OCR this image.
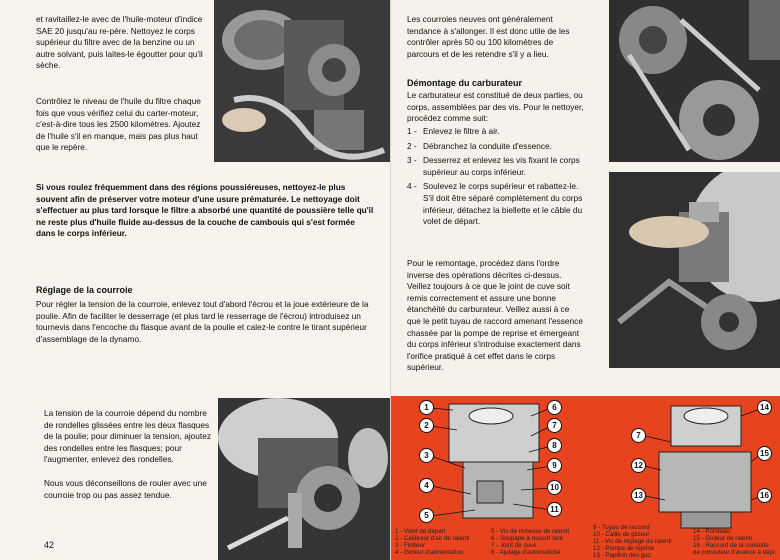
et ravitaillez-le avec de l'huile-moteur d'indice SAE 20 jusqu'au re-père. Nettoyez le corps supérieur du filtre avec de la benzine ou un autre solvant, puis laites-le égoutter pour qu'il sèche.
Contrôlez le niveau de l'huile du filtre chaque fois que vous vérifiez celui du carter-moteur, c'est-à-dire tous les 2500 kilomètres. Ajoutez de l'huile s'il en manque, mais pas plus haut que le repère.
Si vous roulez fréquemment dans des régions poussiéreuses, nettoyez-le plus souvent afin de préserver votre moteur d'une usure prématurée. Le nettoyage doit s'effectuer au plus tard lorsque le filtre a absorbé une quantité de poussière telle qu'il ne reste plus d'huile fluide au-dessus de la couche de cambouis qui s'est formée dans le corps inférieur.
Réglage de la courroie
Pour régler la tension de la courroie, enlevez tout d'abord l'écrou et la joue extérieure de la poulie. Afin de faciliter le desserrage (et plus tard le resserrage de l'écrou) introduisez un tournevis dans l'encoche du flasque avant de la poulie et calez-le contre le tirant supérieur d'assemblage de la dynamo.
La tension de la courroie dépend du nombre de rondelles glissées entre les deux flasques de la poulie; pour diminuer la tension, ajoutez des rondelles entre les flasques; pour l'augmenter, enlevez des rondelles.
Nous vous déconseillons de rouler avec une courroie trop ou pas assez tendue.
42
Les courroies neuves ont généralement tendance à s'allonger. Il est donc utile de les contrôler après 50 ou 100 kilomètres de parcours et de les retendre s'il y a lieu.
Démontage du carburateur
Le carburateur est constitué de deux parties, ou corps, assemblées par des vis. Pour le nettoyer, procédez comme suit:
1 - Enlevez le filtre à air.
2 - Débranchez la conduite d'essence.
3 - Desserrez et enlevez les vis fixant le corps supérieur au corps inférieur.
4 - Soulevez le corps supérieur et rabattez-le. S'il doit être séparé complètement du corps inférieur, détachez la biellette et le câble du volet de départ.
Pour le remontage, procédez dans l'ordre inverse des opérations décrites ci-dessus. Veillez toujours à ce que le joint de cuve soit remis correctement et assure une bonne étanchéité du carburateur. Veillez aussi à ce que le petit tuyau de raccord amenant l'essence chassée par la pompe de reprise et émergeant du corps inférieur s'introduise exactement dans l'orifice pratiqué à cet effet dans le corps supérieur.
1
2
3
4
5
6
7
8
9
10
11
7
12
13
14
15
16
1 - Volet de départ
2 - Calibreur d'air de ralenti
3 - Flotteur
4 - Gicleur d'alimentation
5 - Vis de richesse de ralenti
6 - Soupape à ressort taré
7 - Joint de cuve
8 - Ajutage d'automaticité
9 - Tuyau de raccord
10 - Caille de gicleur
11 - Vis de réglage du ralenti
12 - Pompe de reprise
13 - Papillon des gaz
14 - Pointeau
15 - Gicleur de ralenti
16 - Raccord de la conduite de correcteur d'avance à dépr.
